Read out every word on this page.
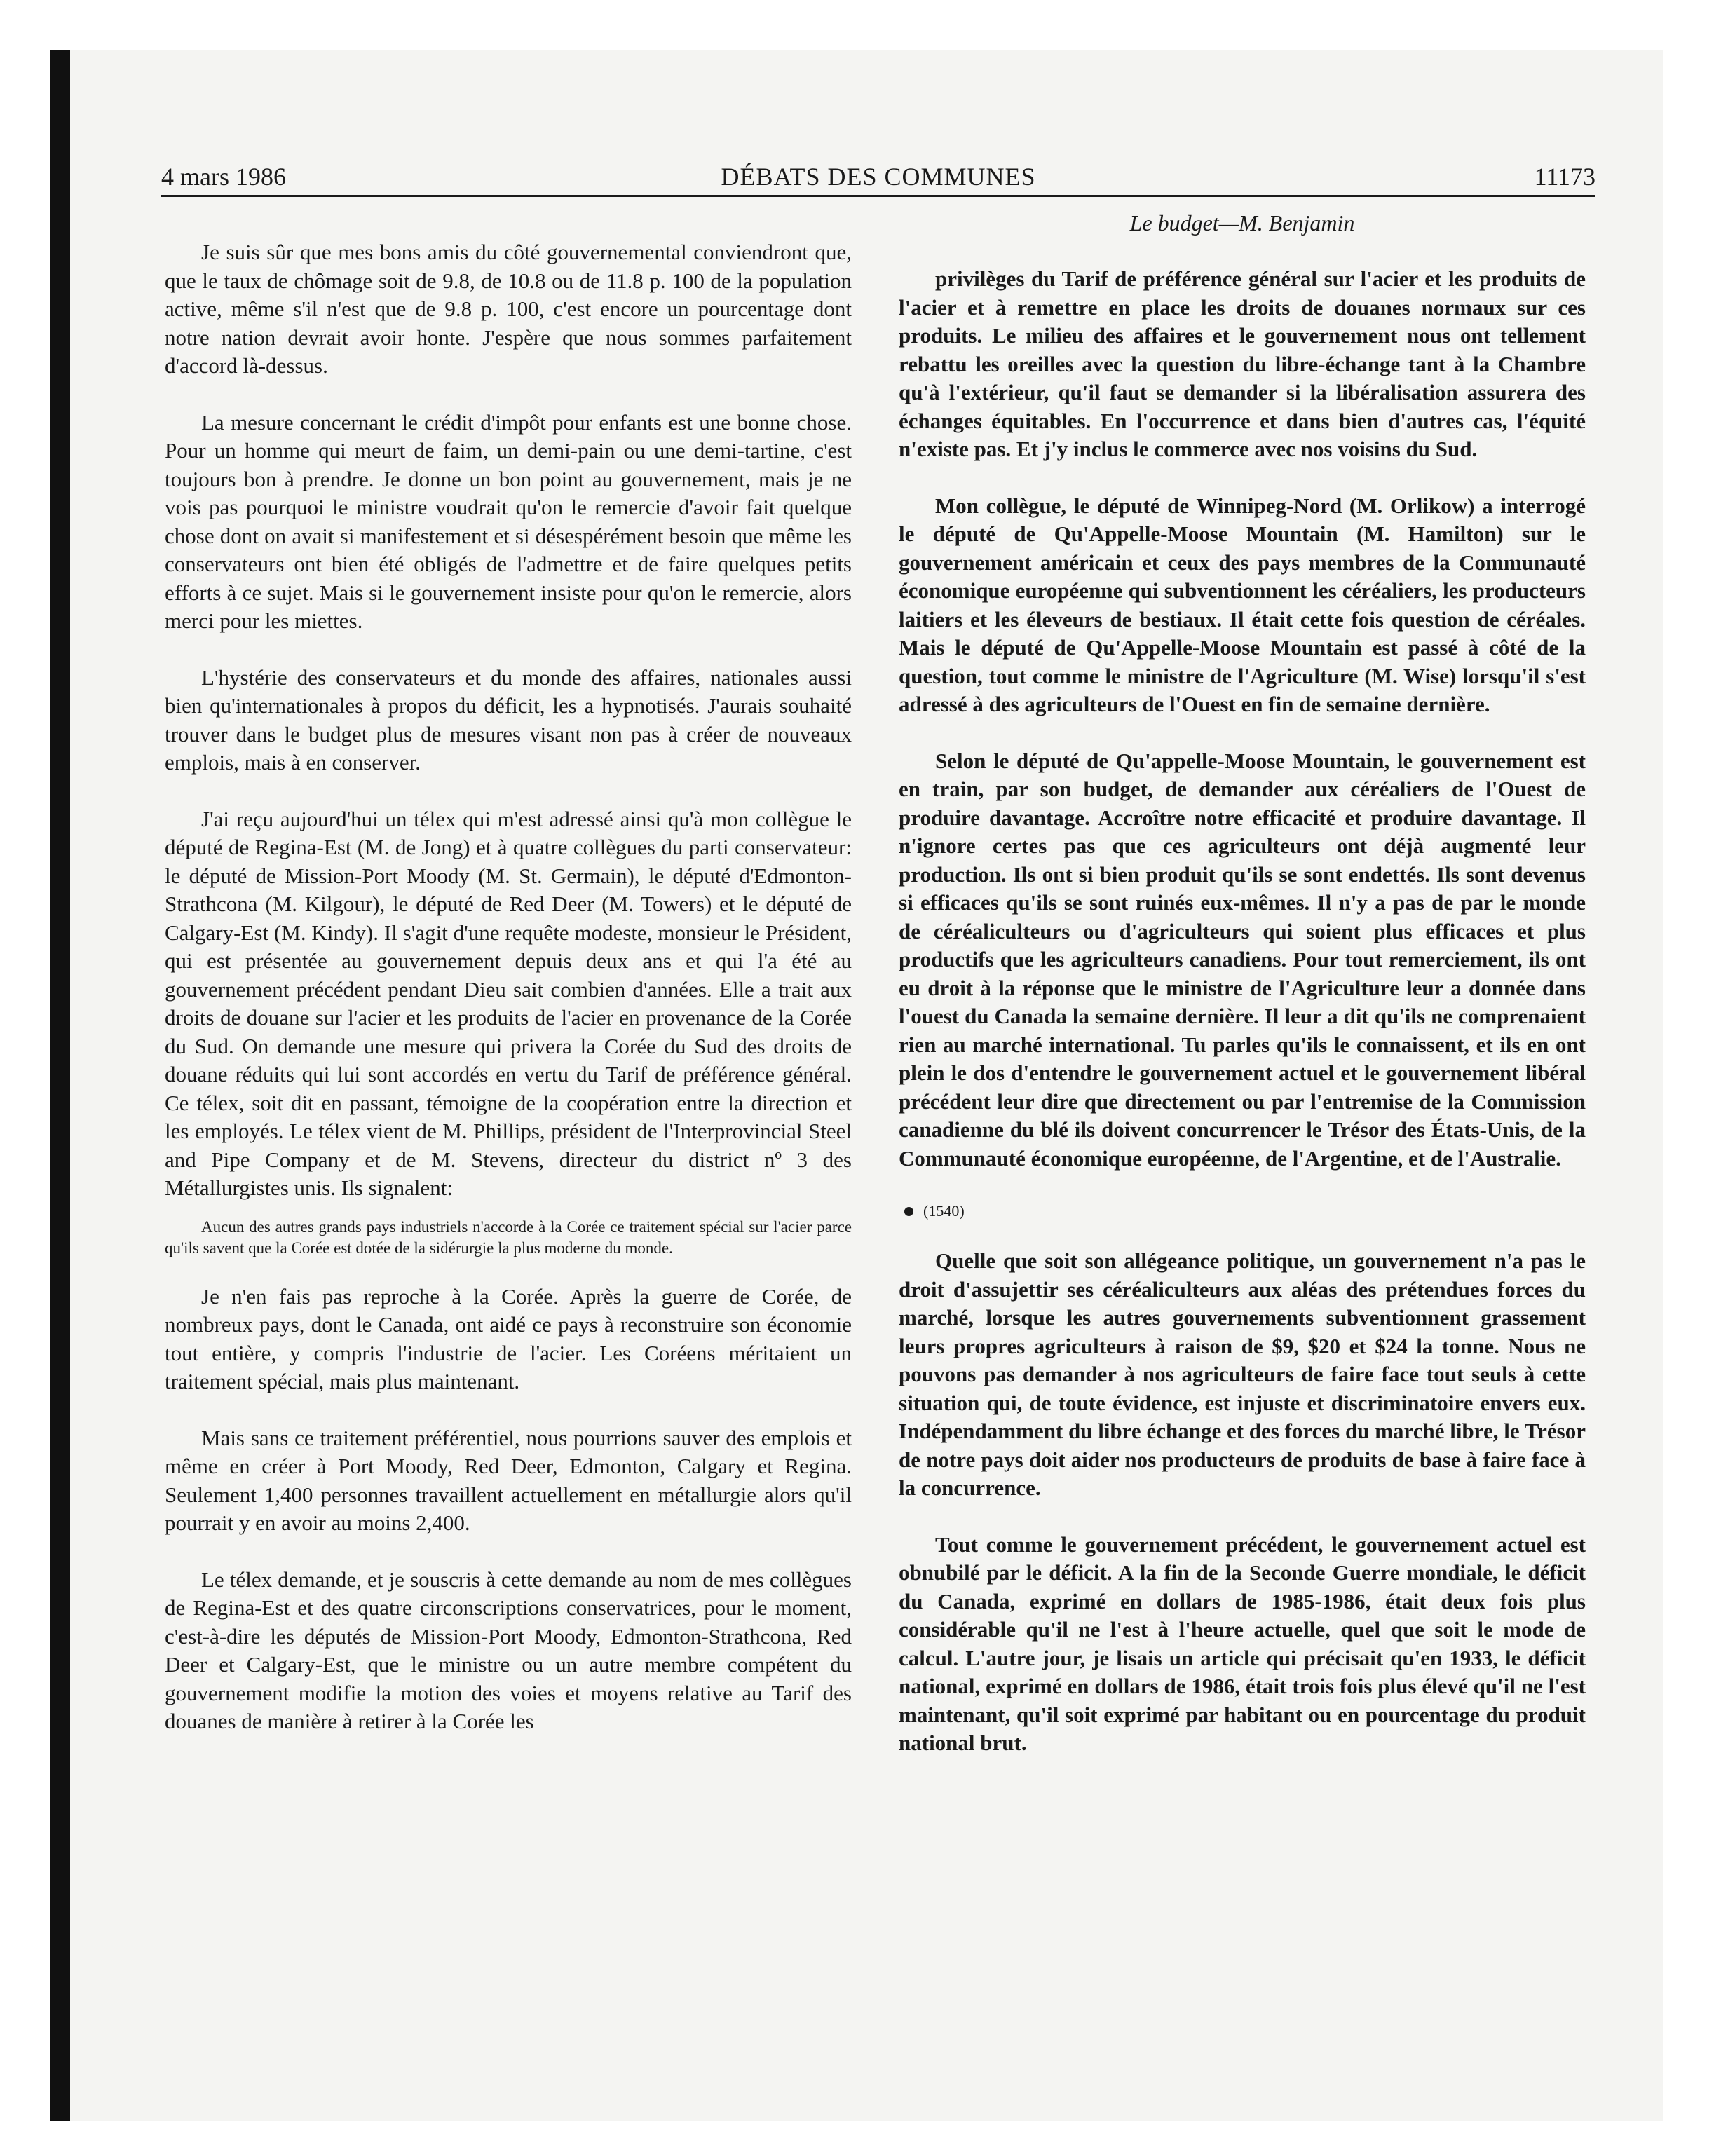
4 mars 1986	DÉBATS DES COMMUNES	11173

Je suis sûr que mes bons amis du côté gouvernemental conviendront que, que le taux de chômage soit de 9.8, de 10.8 ou de 11.8 p. 100 de la population active, même s'il n'est que de 9.8 p. 100, c'est encore un pourcentage dont notre nation devrait avoir honte. J'espère que nous sommes parfaitement d'accord là-dessus.

La mesure concernant le crédit d'impôt pour enfants est une bonne chose. Pour un homme qui meurt de faim, un demi-pain ou une demi-tartine, c'est toujours bon à prendre. Je donne un bon point au gouvernement, mais je ne vois pas pourquoi le ministre voudrait qu'on le remercie d'avoir fait quelque chose dont on avait si manifestement et si désespérément besoin que même les conservateurs ont bien été obligés de l'admettre et de faire quelques petits efforts à ce sujet. Mais si le gouvernement insiste pour qu'on le remercie, alors merci pour les miettes.

L'hystérie des conservateurs et du monde des affaires, nationales aussi bien qu'internationales à propos du déficit, les a hypnotisés. J'aurais souhaité trouver dans le budget plus de mesures visant non pas à créer de nouveaux emplois, mais à en conserver.

J'ai reçu aujourd'hui un télex qui m'est adressé ainsi qu'à mon collègue le député de Regina-Est (M. de Jong) et à quatre collègues du parti conservateur: le député de Mission-Port Moody (M. St. Germain), le député d'Edmonton-Strathcona (M. Kilgour), le député de Red Deer (M. Towers) et le député de Calgary-Est (M. Kindy). Il s'agit d'une requête modeste, monsieur le Président, qui est présentée au gouvernement depuis deux ans et qui l'a été au gouvernement précédent pendant Dieu sait combien d'années. Elle a trait aux droits de douane sur l'acier et les produits de l'acier en provenance de la Corée du Sud. On demande une mesure qui privera la Corée du Sud des droits de douane réduits qui lui sont accordés en vertu du Tarif de préférence général. Ce télex, soit dit en passant, témoigne de la coopération entre la direction et les employés. Le télex vient de M. Phillips, président de l'Interprovincial Steel and Pipe Company et de M. Stevens, directeur du district nº 3 des Métallurgistes unis. Ils signalent:

Aucun des autres grands pays industriels n'accorde à la Corée ce traitement spécial sur l'acier parce qu'ils savent que la Corée est dotée de la sidérurgie la plus moderne du monde.

Je n'en fais pas reproche à la Corée. Après la guerre de Corée, de nombreux pays, dont le Canada, ont aidé ce pays à reconstruire son économie tout entière, y compris l'industrie de l'acier. Les Coréens méritaient un traitement spécial, mais plus maintenant.

Mais sans ce traitement préférentiel, nous pourrions sauver des emplois et même en créer à Port Moody, Red Deer, Edmonton, Calgary et Regina. Seulement 1,400 personnes travaillent actuellement en métallurgie alors qu'il pourrait y en avoir au moins 2,400.

Le télex demande, et je souscris à cette demande au nom de mes collègues de Regina-Est et des quatre circonscriptions conservatrices, pour le moment, c'est-à-dire les députés de Mission-Port Moody, Edmonton-Strathcona, Red Deer et Calgary-Est, que le ministre ou un autre membre compétent du gouvernement modifie la motion des voies et moyens relative au Tarif des douanes de manière à retirer à la Corée les

Le budget—M. Benjamin

privilèges du Tarif de préférence général sur l'acier et les produits de l'acier et à remettre en place les droits de douanes normaux sur ces produits. Le milieu des affaires et le gouvernement nous ont tellement rebattu les oreilles avec la question du libre-échange tant à la Chambre qu'à l'extérieur, qu'il faut se demander si la libéralisation assurera des échanges équitables. En l'occurrence et dans bien d'autres cas, l'équité n'existe pas. Et j'y inclus le commerce avec nos voisins du Sud.

Mon collègue, le député de Winnipeg-Nord (M. Orlikow) a interrogé le député de Qu'Appelle-Moose Mountain (M. Hamilton) sur le gouvernement américain et ceux des pays membres de la Communauté économique européenne qui subventionnent les céréaliers, les producteurs laitiers et les éleveurs de bestiaux. Il était cette fois question de céréales. Mais le député de Qu'Appelle-Moose Mountain est passé à côté de la question, tout comme le ministre de l'Agriculture (M. Wise) lorsqu'il s'est adressé à des agriculteurs de l'Ouest en fin de semaine dernière.

Selon le député de Qu'appelle-Moose Mountain, le gouvernement est en train, par son budget, de demander aux céréaliers de l'Ouest de produire davantage. Accroître notre efficacité et produire davantage. Il n'ignore certes pas que ces agriculteurs ont déjà augmenté leur production. Ils ont si bien produit qu'ils se sont endettés. Ils sont devenus si efficaces qu'ils se sont ruinés eux-mêmes. Il n'y a pas de par le monde de céréaliculteurs ou d'agriculteurs qui soient plus efficaces et plus productifs que les agriculteurs canadiens. Pour tout remerciement, ils ont eu droit à la réponse que le ministre de l'Agriculture leur a donnée dans l'ouest du Canada la semaine dernière. Il leur a dit qu'ils ne comprenaient rien au marché international. Tu parles qu'ils le connaissent, et ils en ont plein le dos d'entendre le gouvernement actuel et le gouvernement libéral précédent leur dire que directement ou par l'entremise de la Commission canadienne du blé ils doivent concurrencer le Trésor des États-Unis, de la Communauté économique européenne, de l'Argentine, et de l'Australie.

(1540)

Quelle que soit son allégeance politique, un gouvernement n'a pas le droit d'assujettir ses céréaliculteurs aux aléas des prétendues forces du marché, lorsque les autres gouvernements subventionnent grassement leurs propres agriculteurs à raison de $9, $20 et $24 la tonne. Nous ne pouvons pas demander à nos agriculteurs de faire face tout seuls à cette situation qui, de toute évidence, est injuste et discriminatoire envers eux. Indépendamment du libre échange et des forces du marché libre, le Trésor de notre pays doit aider nos producteurs de produits de base à faire face à la concurrence.

Tout comme le gouvernement précédent, le gouvernement actuel est obnubilé par le déficit. A la fin de la Seconde Guerre mondiale, le déficit du Canada, exprimé en dollars de 1985-1986, était deux fois plus considérable qu'il ne l'est à l'heure actuelle, quel que soit le mode de calcul. L'autre jour, je lisais un article qui précisait qu'en 1933, le déficit national, exprimé en dollars de 1986, était trois fois plus élevé qu'il ne l'est maintenant, qu'il soit exprimé par habitant ou en pourcentage du produit national brut.
